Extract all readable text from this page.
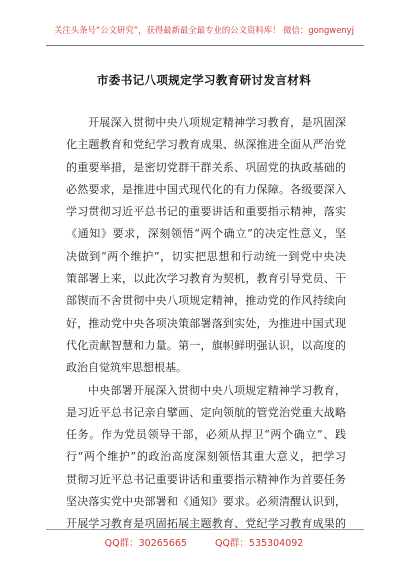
关注头条号“公文研究”，获得最新最全最专业的公文资料库！ 微信：gongwenyj
市委书记八项规定学习教育研讨发言材料
开展深入贯彻中央八项规定精神学习教育，是巩固深
化主题教育和党纪学习教育成果、纵深推进全面从严治党
的重要举措，是密切党群干群关系、巩固党的执政基础的
必然要求，是推进中国式现代化的有力保障。各级要深入
学习贯彻习近平总书记的重要讲话和重要指示精神，落实
《通知》要求，深刻领悟“两个确立”的决定性意义，坚
决做到“两个维护”，切实把思想和行动统一到党中央决
策部署上来，以此次学习教育为契机，教育引导党员、干
部锲而不舍贯彻中央八项规定精神，推动党的作风持续向
好，推动党中央各项决策部署落到实处，为推进中国式现
代化贡献智慧和力量。第一，旗帜鲜明强认识，以高度的
政治自觉筑牢思想根基。
中央部署开展深入贯彻中央八项规定精神学习教育，
是习近平总书记亲自擘画、定向领航的管党治党重大战略
任务。作为党员领导干部，必须从捍卫“两个确立”、践
行“两个维护”的政治高度深刻领悟其重大意义，把学习
贯彻习近平总书记重要讲话和重要指示精神作为首要任务
坚决落实党中央部署和《通知》要求。必须清醒认识到，
开展学习教育是巩固拓展主题教育、党纪学习教育成果的
QQ群：30265665	QQ群：535304092
